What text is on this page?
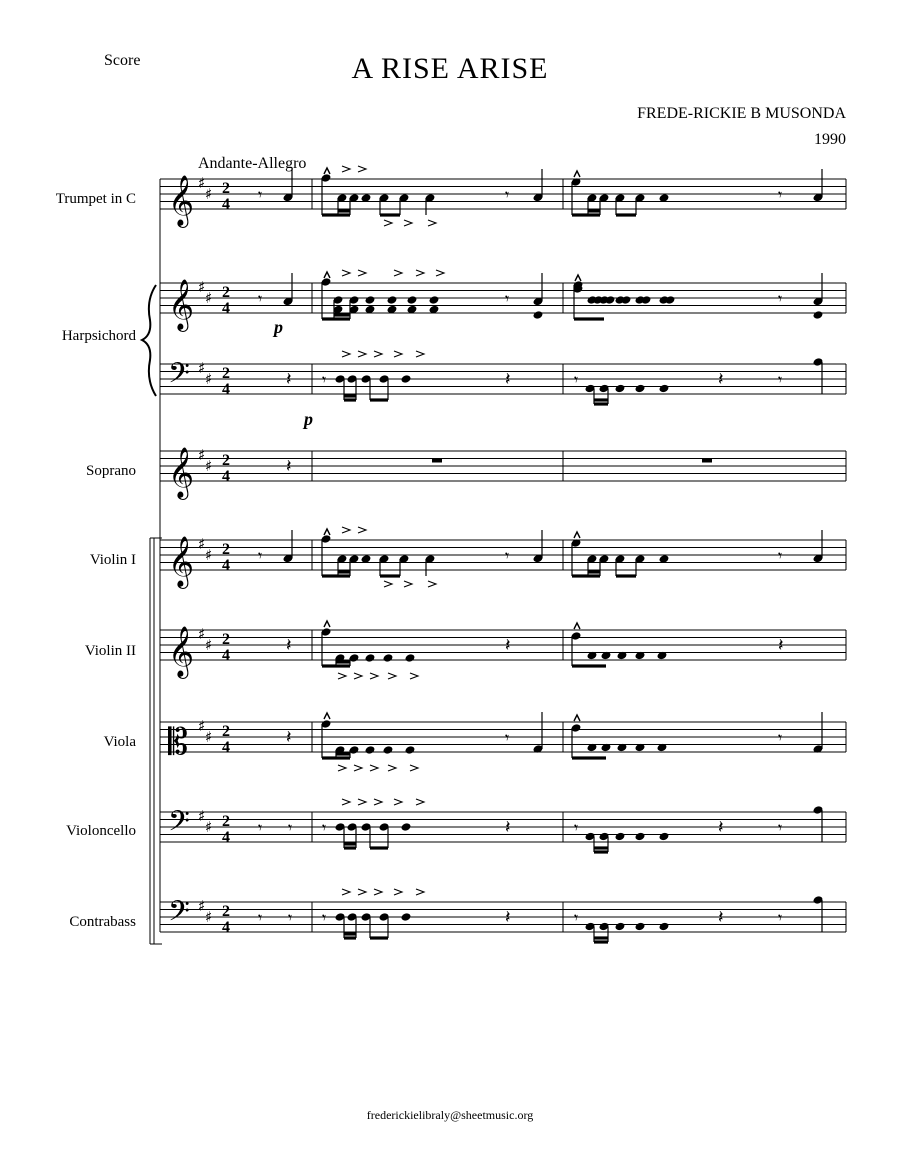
Score	A RISE ARISE
FREDE-RICKIE B MUSONDA
1990
Andante-Allegro
Trumpet in C
Harpsichord
Soprano
Violin I
Violin II
Viola
Violoncello
Contrabass
𝄞 ♯
♯ 2
4
𝄞 ♯
♯ 2
4
𝄢 ♯
♯ 2
4
𝄞 ♯
♯ 2
4
𝄞 ♯
♯ 2
4
𝄞 ♯
♯ 2
4
𝄡 ♯
♯ 2
4
𝄢 ♯
♯ 2
4
𝄢 ♯
♯ 2
4
𝄾	𝄾	𝄾
𝄾	𝄾	𝄾
𝄾	𝄾	𝄾
𝄽 𝄾	𝄽	𝄾	𝄽	𝄾
𝄾 𝄾 𝄾	𝄽	𝄾	𝄽	𝄾
𝄾 𝄾 𝄾	𝄽	𝄾	𝄽	𝄾
𝄽
𝄽	𝄽	𝄽
𝄽	𝄾	𝄾
p
p
frederickielibraly@sheetmusic.org
